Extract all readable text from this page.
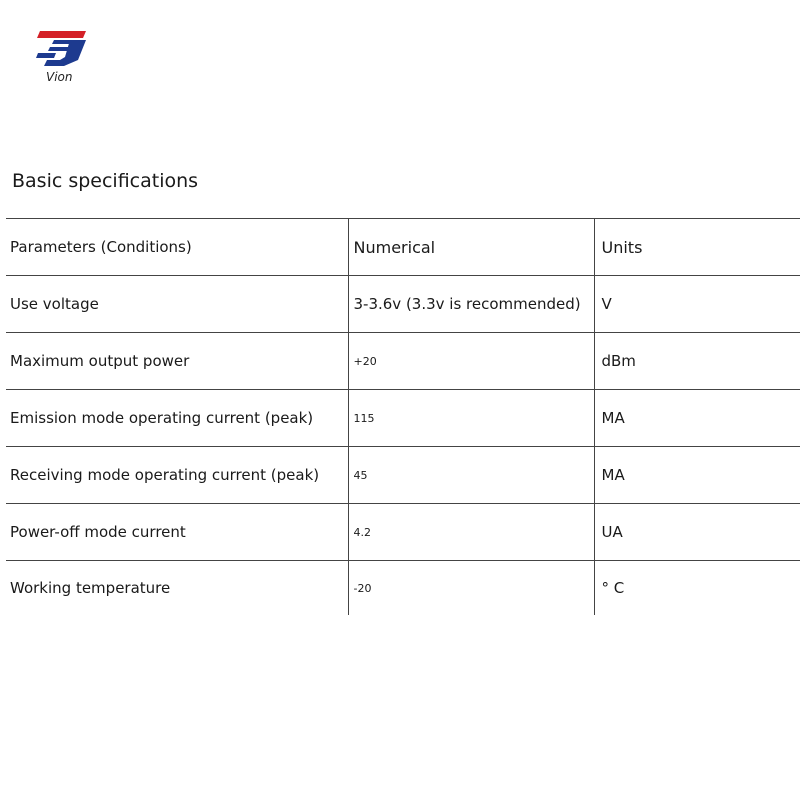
Vion
Basic specifications
Parameters (Conditions)	Numerical	Units
Use voltage	3-3.6v (3.3v is recommended)	V
Maximum output power	+20	dBm
Emission mode operating current (peak)	115	MA
Receiving mode operating current (peak)	45	MA
Power-off mode current	4.2	UA
Working temperature	-20	° C
